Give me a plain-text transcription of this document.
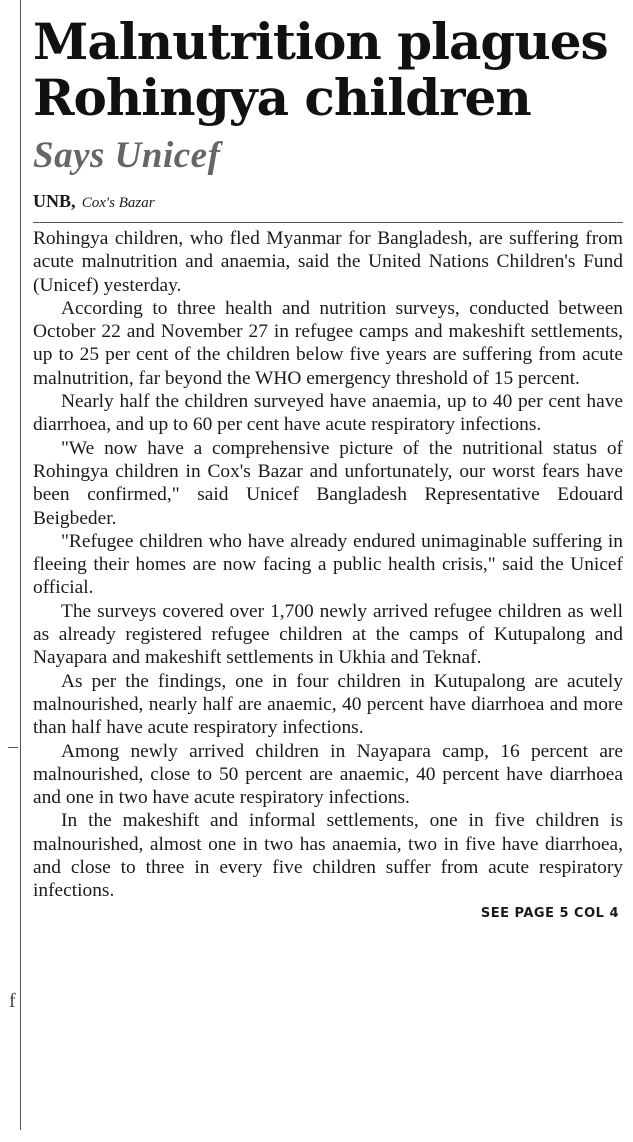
f
Malnutrition plagues
Rohingya children
Says Unicef
UNB, Cox's Bazar

Rohingya children, who fled Myanmar for Bangladesh, are suffering from acute malnutrition and anaemia, said the United Nations Children's Fund (Unicef) yesterday.

According to three health and nutrition surveys, conducted between October 22 and November 27 in refugee camps and makeshift settlements, up to 25 per cent of the children below five years are suffering from acute malnutrition, far beyond the WHO emergency threshold of 15 percent.

Nearly half the children surveyed have anaemia, up to 40 per cent have diarrhoea, and up to 60 per cent have acute respiratory infections.

"We now have a comprehensive picture of the nutritional status of Rohingya children in Cox's Bazar and unfortunately, our worst fears have been confirmed," said Unicef Bangladesh Representative Edouard Beigbeder.

"Refugee children who have already endured unimaginable suffering in fleeing their homes are now facing a public health crisis," said the Unicef official.

The surveys covered over 1,700 newly arrived refugee children as well as already registered refugee children at the camps of Kutupalong and Nayapara and makeshift settlements in Ukhia and Teknaf.

As per the findings, one in four children in Kutupalong are acutely malnourished, nearly half are anaemic, 40 percent have diarrhoea and more than half have acute respiratory infections.

Among newly arrived children in Nayapara camp, 16 percent are malnourished, close to 50 percent are anaemic, 40 percent have diarrhoea and one in two have acute respiratory infections.

In the makeshift and informal settlements, one in five children is malnourished, almost one in two has anaemia, two in five have diarrhoea, and close to three in every five children suffer from acute respiratory infections.

SEE PAGE 5 COL 4
